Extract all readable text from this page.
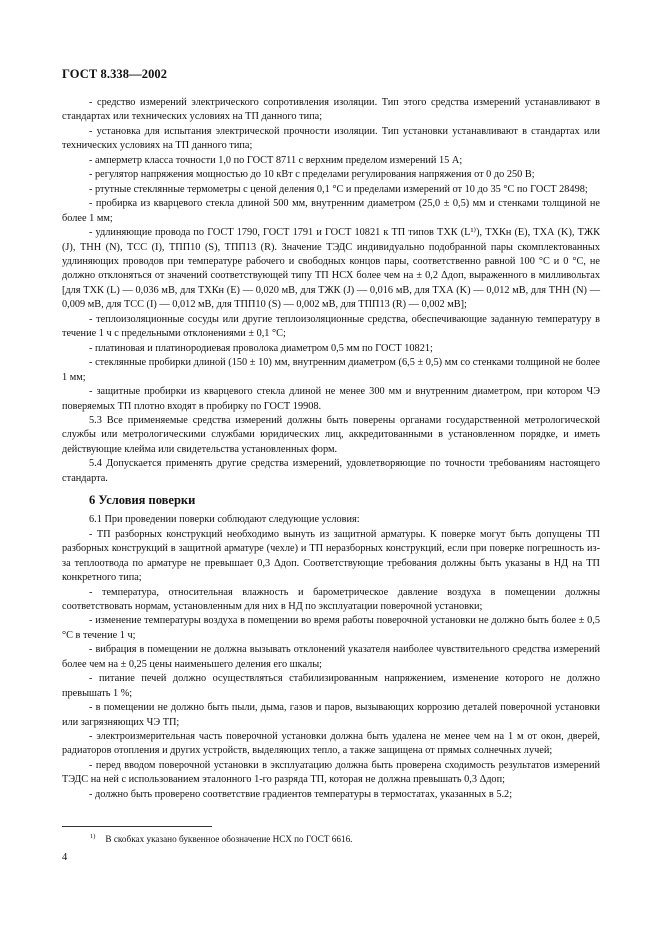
ГОСТ 8.338—2002

- средство измерений электрического сопротивления изоляции. Тип этого средства измерений устанавливают в стандартах или технических условиях на ТП данного типа;

- установка для испытания электрической прочности изоляции. Тип установки устанавливают в стандартах или технических условиях на ТП данного типа;

- амперметр класса точности 1,0 по ГОСТ 8711 с верхним пределом измерений 15 А;

- регулятор напряжения мощностью до 10 кВт с пределами регулирования напряжения от 0 до 250 В;

- ртутные стеклянные термометры с ценой деления 0,1 °С и пределами измерений от 10 до 35 °С по ГОСТ 28498;

- пробирка из кварцевого стекла длиной 500 мм, внутренним диаметром (25,0 ± 0,5) мм и стенками толщиной не более 1 мм;

- удлиняющие провода по ГОСТ 1790, ГОСТ 1791 и ГОСТ 10821 к ТП типов ТХК (L¹⁾), ТХКн (E), ТХА (K), ТЖК (J), ТНН (N), ТСС (I), ТПП10 (S), ТПП13 (R). Значение ТЭДС индивидуально подобранной пары скомплектованных удлиняющих проводов при температуре рабочего и свободных концов пары, соответственно равной 100 °С и 0 °С, не должно отклоняться от значений соответствующей типу ТП НСХ более чем на ± 0,2 Δдоп, выраженного в милливольтах [для ТХК (L) — 0,036 мВ, для ТХКн (E) — 0,020 мВ, для ТЖК (J) — 0,016 мВ, для ТХА (K) — 0,012 мВ, для ТНН (N) — 0,009 мВ, для ТСС (I) — 0,012 мВ, для ТПП10 (S) — 0,002 мВ, для ТПП13 (R) — 0,002 мВ];

- теплоизоляционные сосуды или другие теплоизоляционные средства, обеспечивающие заданную температуру в течение 1 ч с предельными отклонениями ± 0,1 °С;

- платиновая и платинородиевая проволока диаметром 0,5 мм по ГОСТ 10821;

- стеклянные пробирки длиной (150 ± 10) мм, внутренним диаметром (6,5 ± 0,5) мм со стенками толщиной не более 1 мм;

- защитные пробирки из кварцевого стекла длиной не менее 300 мм и внутренним диаметром, при котором ЧЭ поверяемых ТП плотно входят в пробирку по ГОСТ 19908.

5.3 Все применяемые средства измерений должны быть поверены органами государственной метрологической службы или метрологическими службами юридических лиц, аккредитованными в установленном порядке, и иметь действующие клейма или свидетельства установленных форм.

5.4 Допускается применять другие средства измерений, удовлетворяющие по точности требованиям настоящего стандарта.

6 Условия поверки

6.1 При проведении поверки соблюдают следующие условия:

- ТП разборных конструкций необходимо вынуть из защитной арматуры. К поверке могут быть допущены ТП разборных конструкций в защитной арматуре (чехле) и ТП неразборных конструкций, если при поверке погрешность из-за теплоотвода по арматуре не превышает 0,3 Δдоп. Соответствующие требования должны быть указаны в НД на ТП конкретного типа;

- температура, относительная влажность и барометрическое давление воздуха в помещении должны соответствовать нормам, установленным для них в НД по эксплуатации поверочной установки;

- изменение температуры воздуха в помещении во время работы поверочной установки не должно быть более ± 0,5 °С в течение 1 ч;

- вибрация в помещении не должна вызывать отклонений указателя наиболее чувствительного средства измерений более чем на ± 0,25 цены наименьшего деления его шкалы;

- питание печей должно осуществляться стабилизированным напряжением, изменение которого не должно превышать 1 %;

- в помещении не должно быть пыли, дыма, газов и паров, вызывающих коррозию деталей поверочной установки или загрязняющих ЧЭ ТП;

- электроизмерительная часть поверочной установки должна быть удалена не менее чем на 1 м от окон, дверей, радиаторов отопления и других устройств, выделяющих тепло, а также защищена от прямых солнечных лучей;

- перед вводом поверочной установки в эксплуатацию должна быть проверена сходимость результатов измерений ТЭДС на ней с использованием эталонного 1-го разряда ТП, которая не должна превышать 0,3 Δдоп;

- должно быть проверено соответствие градиентов температуры в термостатах, указанных в 5.2;

$^{1)}$ В скобках указано буквенное обозначение НСХ по ГОСТ 6616.
4
